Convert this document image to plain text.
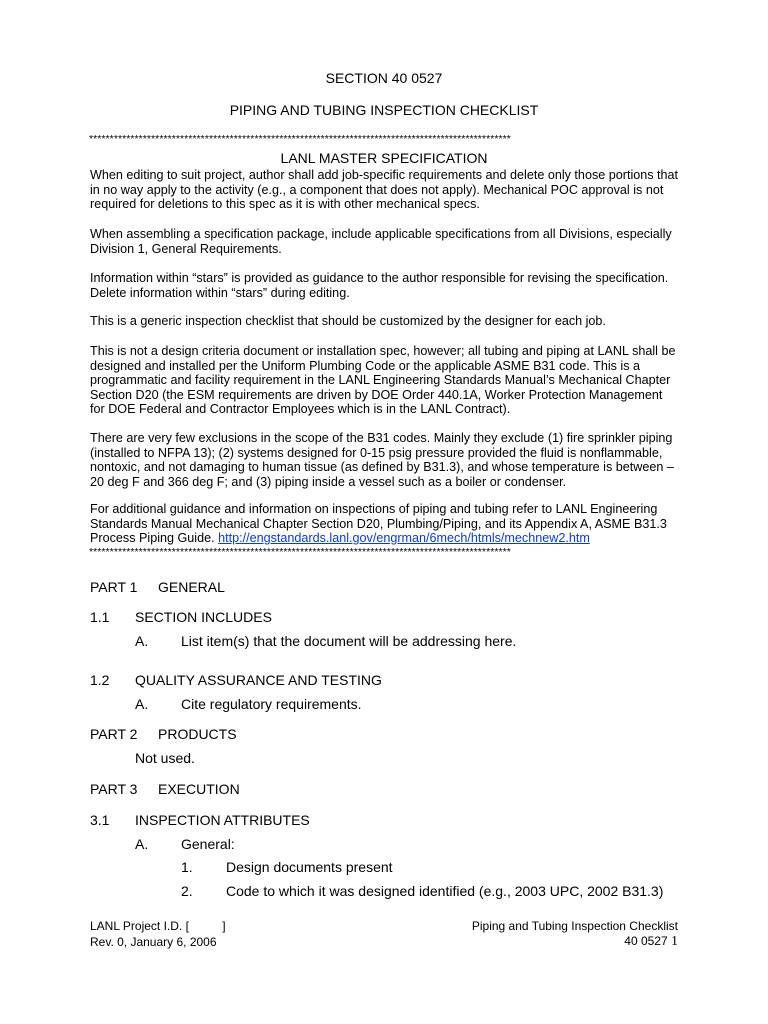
SECTION 40 0527
PIPING AND TUBING INSPECTION CHECKLIST
******************************************************************************************************
LANL MASTER SPECIFICATION

When editing to suit project, author shall add job-specific requirements and delete only those portions that in no way apply to the activity (e.g., a component that does not apply). Mechanical POC approval is not required for deletions to this spec as it is with other mechanical specs.

When assembling a specification package, include applicable specifications from all Divisions, especially Division 1, General Requirements.

Information within “stars” is provided as guidance to the author responsible for revising the specification. Delete information within “stars” during editing.

This is a generic inspection checklist that should be customized by the designer for each job.

This is not a design criteria document or installation spec, however; all tubing and piping at LANL shall be designed and installed per the Uniform Plumbing Code or the applicable ASME B31 code. This is a programmatic and facility requirement in the LANL Engineering Standards Manual’s Mechanical Chapter Section D20 (the ESM requirements are driven by DOE Order 440.1A, Worker Protection Management for DOE Federal and Contractor Employees which is in the LANL Contract).

There are very few exclusions in the scope of the B31 codes. Mainly they exclude (1) fire sprinkler piping (installed to NFPA 13); (2) systems designed for 0-15 psig pressure provided the fluid is nonflammable, nontoxic, and not damaging to human tissue (as defined by B31.3), and whose temperature is between – 20 deg F and 366 deg F; and (3) piping inside a vessel such as a boiler or condenser.

For additional guidance and information on inspections of piping and tubing refer to LANL Engineering Standards Manual Mechanical Chapter Section D20, Plumbing/Piping, and its Appendix A, ASME B31.3 Process Piping Guide. http://engstandards.lanl.gov/engrman/6mech/htmls/mechnew2.htm

******************************************************************************************************
PART 1 GENERAL
1.1 SECTION INCLUDES
A. List item(s) that the document will be addressing here.
1.2 QUALITY ASSURANCE AND TESTING
A. Cite regulatory requirements.
PART 2 PRODUCTS
Not used.
PART 3 EXECUTION
3.1 INSPECTION ATTRIBUTES
A. General:
1. Design documents present
2. Code to which it was designed identified (e.g., 2003 UPC, 2002 B31.3)
LANL Project I.D. [          ]
Rev. 0, January 6, 2006
Piping and Tubing Inspection Checklist
40 0527 1
